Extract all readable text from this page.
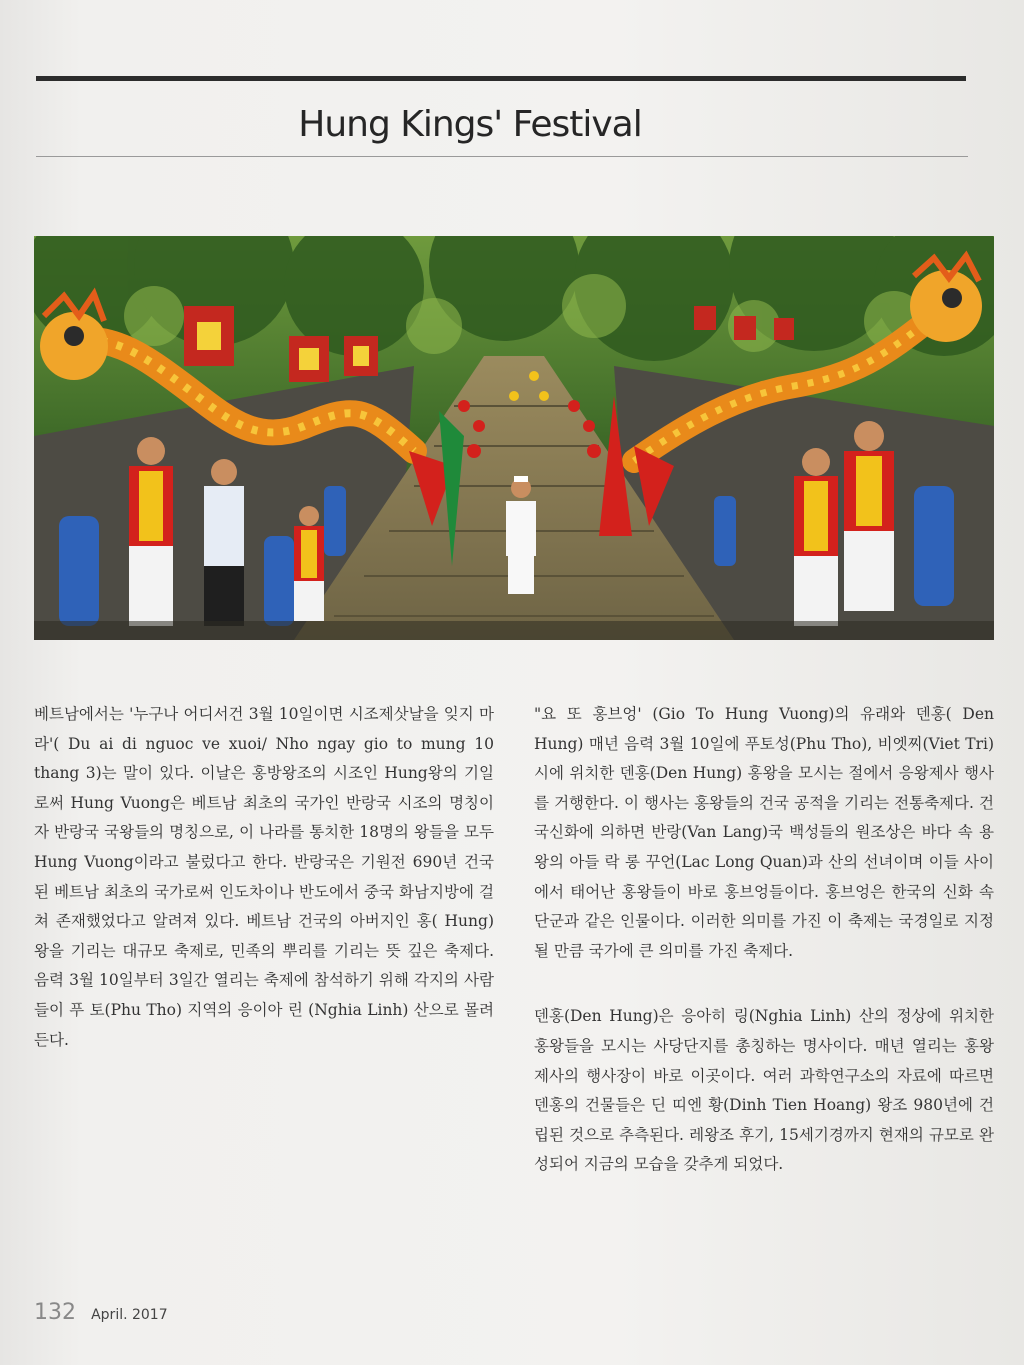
Hung Kings' Festival

베트남에서는 '누구나 어디서건 3월 10일이면 시조제삿날을 잊지 마라'( Du ai di nguoc ve xuoi/ Nho ngay gio to mung 10 thang 3)는 말이 있다. 이날은 홍방왕조의 시조인 Hung왕의 기일로써 Hung Vuong은 베트남 최초의 국가인 반랑국 시조의 명칭이자 반랑국 국왕들의 명칭으로, 이 나라를 통치한 18명의 왕들을 모두 Hung Vuong이라고 불렀다고 한다. 반랑국은 기원전 690년 건국된 베트남 최초의 국가로써 인도차이나 반도에서 중국 화남지방에 걸쳐 존재했었다고 알려져 있다. 베트남 건국의 아버지인 홍( Hung) 왕을 기리는 대규모 축제로, 민족의 뿌리를 기리는 뜻 깊은 축제다. 음력 3월 10일부터 3일간 열리는 축제에 참석하기 위해 각지의 사람들이 푸 토(Phu Tho) 지역의 응이아 린 (Nghia Linh) 산으로 몰려든다.

"요 또 홍브엉' (Gio To Hung Vuong)의 유래와 덴홍( Den Hung) 매년 음력 3월 10일에 푸토성(Phu Tho), 비엣찌(Viet Tri)시에 위치한 덴홍(Den Hung) 홍왕을 모시는 절에서 응왕제사 행사를 거행한다. 이 행사는 홍왕들의 건국 공적을 기리는 전통축제다. 건국신화에 의하면 반랑(Van Lang)국 백성들의 원조상은 바다 속 용왕의 아들 락 롱 꾸언(Lac Long Quan)과 산의 선녀이며 이들 사이에서 태어난 홍왕들이 바로 홍브엉들이다. 홍브엉은 한국의 신화 속 단군과 같은 인물이다. 이러한 의미를 가진 이 축제는 국경일로 지정될 만큼 국가에 큰 의미를 가진 축제다.

덴홍(Den Hung)은 응아히 링(Nghia Linh) 산의 정상에 위치한 홍왕들을 모시는 사당단지를 총칭하는 명사이다. 매년 열리는 홍왕 제사의 행사장이 바로 이곳이다. 여러 과학연구소의 자료에 따르면 덴홍의 건물들은 딘 띠엔 황(Dinh Tien Hoang) 왕조 980년에 건립된 것으로 추측된다. 레왕조 후기, 15세기경까지 현재의 규모로 완성되어 지금의 모습을 갖추게 되었다.

132 April. 2017
